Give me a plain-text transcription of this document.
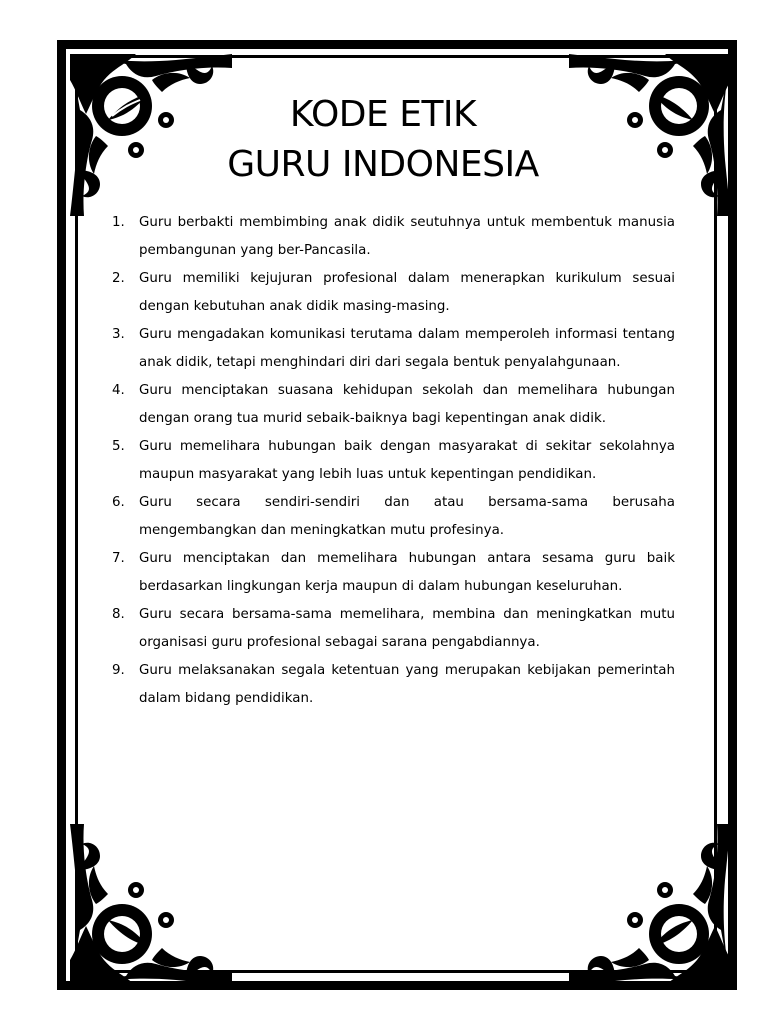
KODE ETIK
GURU INDONESIA
1. Guru berbakti membimbing anak didik seutuhnya untuk membentuk manusia pembangunan yang ber-Pancasila.
2. Guru memiliki kejujuran profesional dalam menerapkan kurikulum sesuai dengan kebutuhan anak didik masing-masing.
3. Guru mengadakan komunikasi terutama dalam memperoleh informasi tentang anak didik, tetapi menghindari diri dari segala bentuk penyalahgunaan.
4. Guru menciptakan suasana kehidupan sekolah dan memelihara hubungan dengan orang tua murid sebaik-baiknya bagi kepentingan anak didik.
5. Guru memelihara hubungan baik dengan masyarakat di sekitar sekolahnya maupun masyarakat yang lebih luas untuk kepentingan pendidikan.
6. Guru secara sendiri-sendiri dan atau bersama-sama berusaha mengembangkan dan meningkatkan mutu profesinya.
7. Guru menciptakan dan memelihara hubungan antara sesama guru baik berdasarkan lingkungan kerja maupun di dalam hubungan keseluruhan.
8. Guru secara bersama-sama memelihara, membina dan meningkatkan mutu organisasi guru profesional sebagai sarana pengabdiannya.
9. Guru melaksanakan segala ketentuan yang merupakan kebijakan pemerintah dalam bidang pendidikan.
